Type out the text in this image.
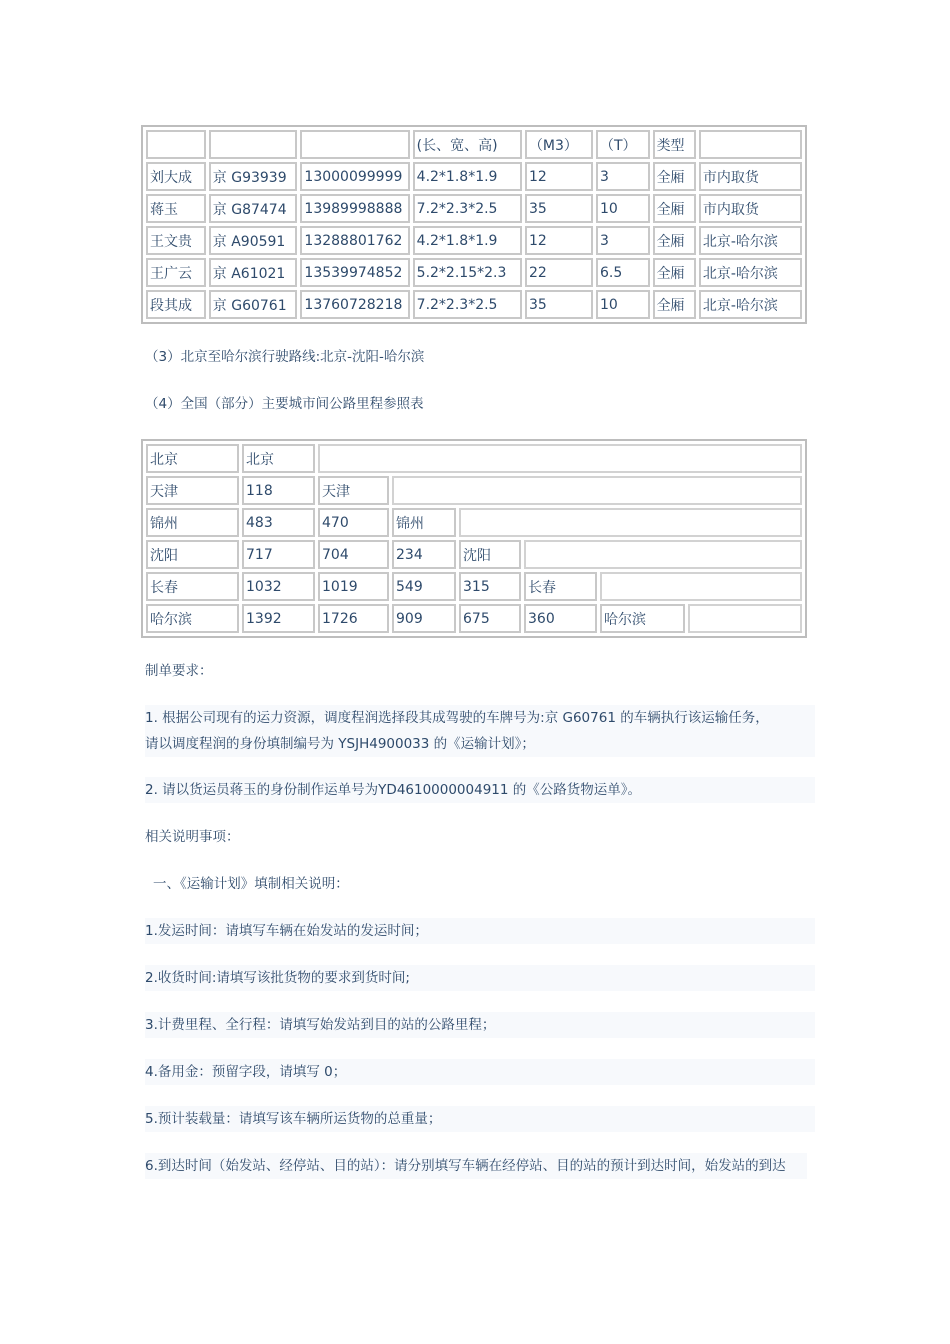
			(长、宽、高)	（M3）	（T）	类型	
刘大成	京 G93939	13000099999	4.2*1.8*1.9	12	3	全厢	市内取货
蒋玉	京 G87474	13989998888	7.2*2.3*2.5	35	10	全厢	市内取货
王文贵	京 A90591	13288801762	4.2*1.8*1.9	12	3	全厢	北京-哈尔滨
王广云	京 A61021	13539974852	5.2*2.15*2.3	22	6.5	全厢	北京-哈尔滨
段其成	京 G60761	13760728218	7.2*2.3*2.5	35	10	全厢	北京-哈尔滨
（3）北京至哈尔滨行驶路线:北京-沈阳-哈尔滨
（4）全国（部分）主要城市间公路里程参照表
北京	北京						
天津	118	天津					
锦州	483	470	锦州				
沈阳	717	704	234	沈阳			
长春	1032	1019	549	315	长春		
哈尔滨	1392	1726	909	675	360	哈尔滨	
制单要求：
1. 根据公司现有的运力资源，调度程润选择段其成驾驶的车牌号为:京 G60761 的车辆执行该运输任务，
请以调度程润的身份填制编号为 YSJH4900033 的《运输计划》；
2. 请以货运员蒋玉的身份制作运单号为YD4610000004911 的《公路货物运单》。
相关说明事项：
一、《运输计划》填制相关说明：
1.发运时间：请填写车辆在始发站的发运时间；
2.收货时间:请填写该批货物的要求到货时间;
3.计费里程、全行程：请填写始发站到目的站的公路里程；
4.备用金：预留字段，请填写 0；
5.预计装载量：请填写该车辆所运货物的总重量；
6.到达时间（始发站、经停站、目的站）：请分别填写车辆在经停站、目的站的预计到达时间，始发站的到达
